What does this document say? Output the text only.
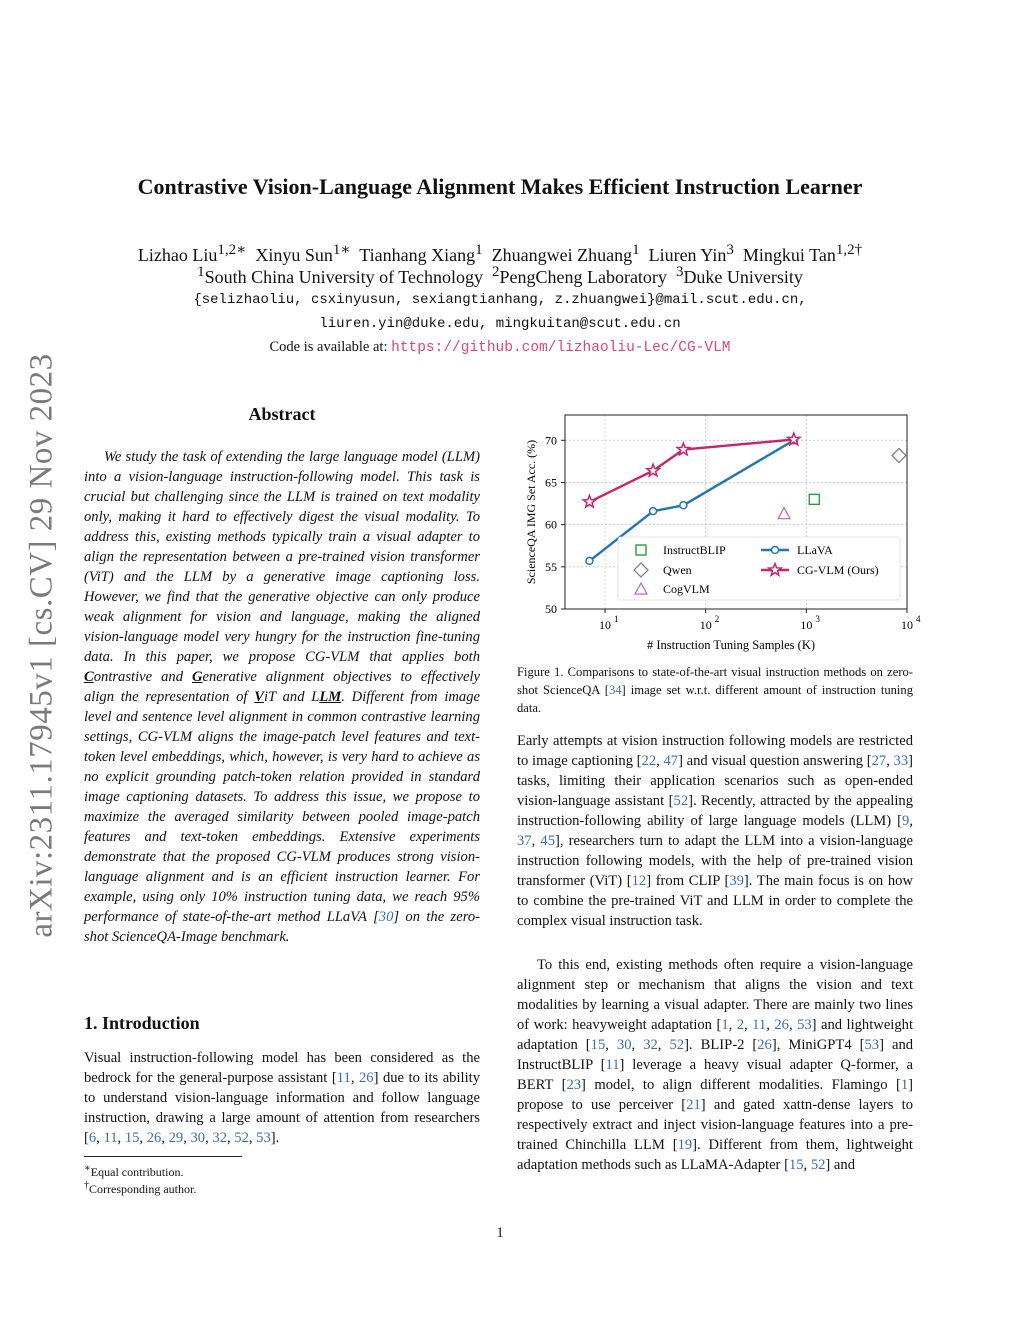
arXiv:2311.17945v1 [cs.CV] 29 Nov 2023
Contrastive Vision-Language Alignment Makes Efficient Instruction Learner
Lizhao Liu$^{1,2∗}$ Xinyu Sun$^{1∗}$ Tianhang Xiang$^1$ Zhuangwei Zhuang$^1$ Liuren Yin$^3$ Mingkui Tan$^{1,2\dagger}$
$^1$South China University of Technology $^2$PengCheng Laboratory $^3$Duke University
{selizhaoliu, csxinyusun, sexiangtianhang, z.zhuangwei}@mail.scut.edu.cn,
liuren.yin@duke.edu, mingkuitan@scut.edu.cn
Code is available at: https://github.com/lizhaoliu-Lec/CG-VLM
Abstract
We study the task of extending the large language model (LLM) into a vision-language instruction-following model. This task is crucial but challenging since the LLM is trained on text modality only, making it hard to effectively digest the visual modality. To address this, existing methods typically train a visual adapter to align the representation between a pre-trained vision transformer (ViT) and the LLM by a generative image captioning loss. However, we find that the generative objective can only produce weak alignment for vision and language, making the aligned vision-language model very hungry for the instruction fine-tuning data. In this paper, we propose CG-VLM that applies both Contrastive and Generative alignment objectives to effectively align the representation of ViT and LLM. Different from image level and sentence level alignment in common contrastive learning settings, CG-VLM aligns the image-patch level features and text-token level embeddings, which, however, is very hard to achieve as no explicit grounding patch-token relation provided in standard image captioning datasets. To address this issue, we propose to maximize the averaged similarity between pooled image-patch features and text-token embeddings. Extensive experiments demonstrate that the proposed CG-VLM produces strong vision-language alignment and is an efficient instruction learner. For example, using only 10% instruction tuning data, we reach 95% performance of state-of-the-art method LLaVA [30] on the zero-shot ScienceQA-Image benchmark.
1. Introduction
Visual instruction-following model has been considered as the bedrock for the general-purpose assistant [11, 26] due to its ability to understand vision-language information and follow language instruction, drawing a large amount of attention from researchers [6, 11, 15, 26, 29, 30, 32, 52, 53].
∗Equal contribution.
†Corresponding author.
ScienceQA IMG Set Acc. (%)
# Instruction Tuning Samples (K)
50
55
60
65
70
10 1	10 2	10 3	10 4
InstructBLIP
Qwen
CogVLM
LLaVA
CG-VLM (Ours)
Figure 1. Comparisons to state-of-the-art visual instruction methods on zero-shot ScienceQA [34] image set w.r.t. different amount of instruction tuning data.
Early attempts at vision instruction following models are restricted to image captioning [22, 47] and visual question answering [27, 33] tasks, limiting their application scenarios such as open-ended vision-language assistant [52]. Recently, attracted by the appealing instruction-following ability of large language models (LLM) [9, 37, 45], researchers turn to adapt the LLM into a vision-language instruction following models, with the help of pre-trained vision transformer (ViT) [12] from CLIP [39]. The main focus is on how to combine the pre-trained ViT and LLM in order to complete the complex visual instruction task.
To this end, existing methods often require a vision-language alignment step or mechanism that aligns the vision and text modalities by learning a visual adapter. There are mainly two lines of work: heavyweight adaptation [1, 2, 11, 26, 53] and lightweight adaptation [15, 30, 32, 52]. BLIP-2 [26], MiniGPT4 [53] and InstructBLIP [11] leverage a heavy visual adapter Q-former, a BERT [23] model, to align different modalities. Flamingo [1] propose to use perceiver [21] and gated xattn-dense layers to respectively extract and inject vision-language features into a pre-trained Chinchilla LLM [19]. Different from them, lightweight adaptation methods such as LLaMA-Adapter [15, 52] and
1
